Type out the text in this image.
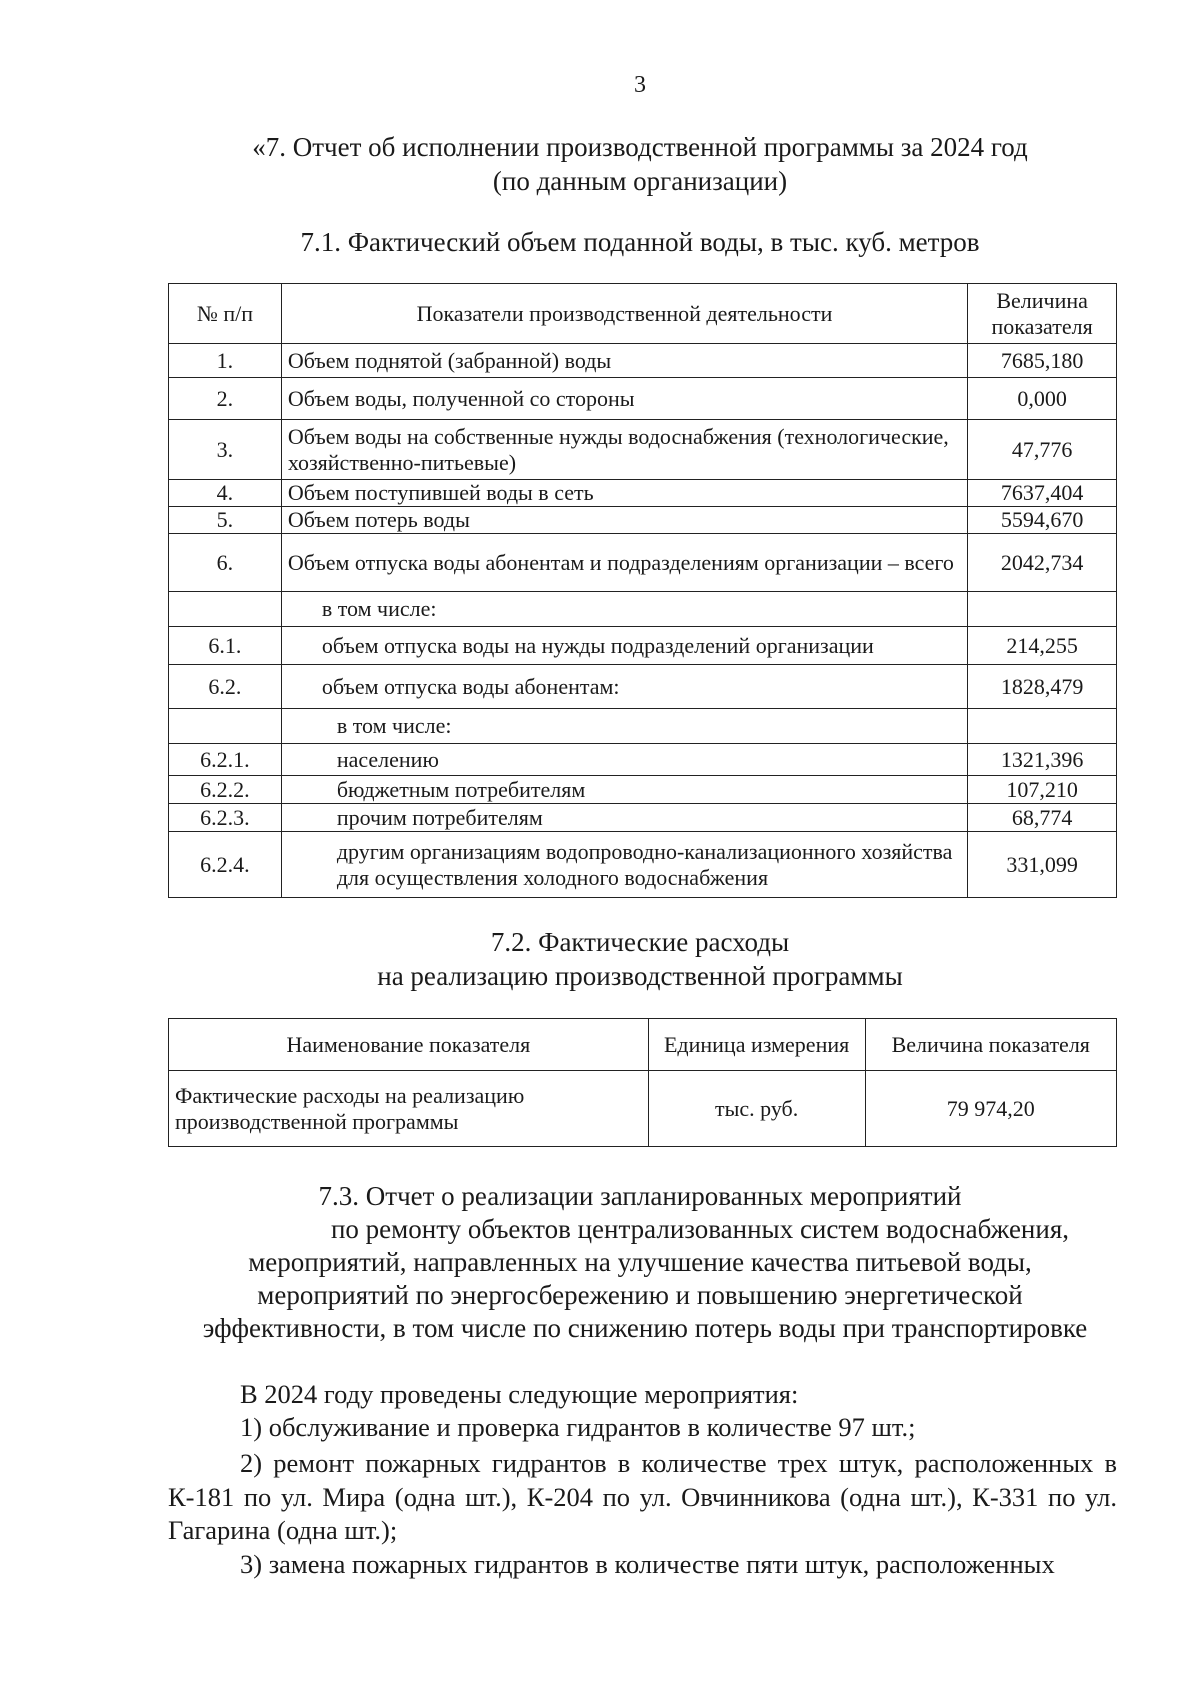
3
«7. Отчет об исполнении производственной программы за 2024 год
(по данным организации)
7.1. Фактический объем поданной воды, в тыс. куб. метров
№ п/п	Показатели производственной деятельности	Величина
показателя
1.	Объем поднятой (забранной) воды	7685,180
2.	Объем воды, полученной со стороны	0,000
3.	Объем воды на собственные нужды водоснабжения (технологические, хозяйственно-питьевые)	47,776
4.	Объем поступившей воды в сеть	7637,404
5.	Объем потерь воды	5594,670
6.	Объем отпуска воды абонентам и подразделениям организации – всего	2042,734
	в том числе:	
6.1.	объем отпуска воды на нужды подразделений организации	214,255
6.2.	объем отпуска воды абонентам:	1828,479
	в том числе:	
6.2.1.	населению	1321,396
6.2.2.	бюджетным потребителям	107,210
6.2.3.	прочим потребителям	68,774
6.2.4.	другим организациям водопроводно-канализационного хозяйства для осуществления холодного водоснабжения	331,099
7.2. Фактические расходы
на реализацию производственной программы
Наименование показателя	Единица измерения	Величина показателя
Фактические расходы на реализацию производственной программы	тыс. руб.	79 974,20
7.3. Отчет о реализации запланированных мероприятий
по ремонту объектов централизованных систем водоснабжения,
мероприятий, направленных на улучшение качества питьевой воды,
мероприятий по энергосбережению и повышению энергетической
эффективности, в том числе по снижению потерь воды при транспортировке
В 2024 году проведены следующие мероприятия:
1) обслуживание и проверка гидрантов в количестве 97 шт.;
2) ремонт пожарных гидрантов в количестве трех штук, расположенных в К-181 по ул. Мира (одна шт.), К-204 по ул. Овчинникова (одна шт.), К-331 по ул. Гагарина (одна шт.);
3) замена пожарных гидрантов в количестве пяти штук, расположенных
